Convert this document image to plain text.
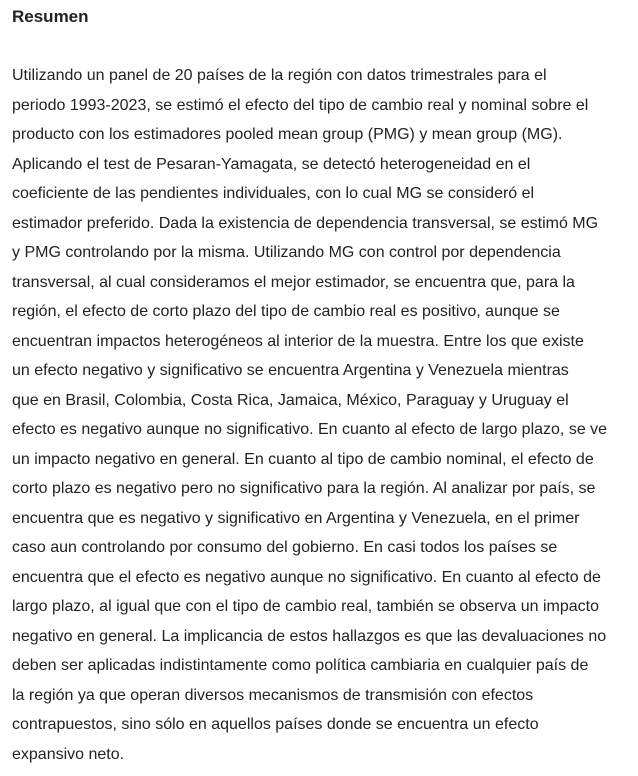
Resumen
Utilizando un panel de 20 países de la región con datos trimestrales para el
periodo 1993-2023, se estimó el efecto del tipo de cambio real y nominal sobre el
producto con los estimadores pooled mean group (PMG) y mean group (MG).
Aplicando el test de Pesaran-Yamagata, se detectó heterogeneidad en el
coeficiente de las pendientes individuales, con lo cual MG se consideró el
estimador preferido. Dada la existencia de dependencia transversal, se estimó MG
y PMG controlando por la misma. Utilizando MG con control por dependencia
transversal, al cual consideramos el mejor estimador, se encuentra que, para la
región, el efecto de corto plazo del tipo de cambio real es positivo, aunque se
encuentran impactos heterogéneos al interior de la muestra. Entre los que existe
un efecto negativo y significativo se encuentra Argentina y Venezuela mientras
que en Brasil, Colombia, Costa Rica, Jamaica, México, Paraguay y Uruguay el
efecto es negativo aunque no significativo. En cuanto al efecto de largo plazo, se ve
un impacto negativo en general. En cuanto al tipo de cambio nominal, el efecto de
corto plazo es negativo pero no significativo para la región. Al analizar por país, se
encuentra que es negativo y significativo en Argentina y Venezuela, en el primer
caso aun controlando por consumo del gobierno. En casi todos los países se
encuentra que el efecto es negativo aunque no significativo. En cuanto al efecto de
largo plazo, al igual que con el tipo de cambio real, también se observa un impacto
negativo en general. La implicancia de estos hallazgos es que las devaluaciones no
deben ser aplicadas indistintamente como política cambiaria en cualquier país de
la región ya que operan diversos mecanismos de transmisión con efectos
contrapuestos, sino sólo en aquellos países donde se encuentra un efecto
expansivo neto.
